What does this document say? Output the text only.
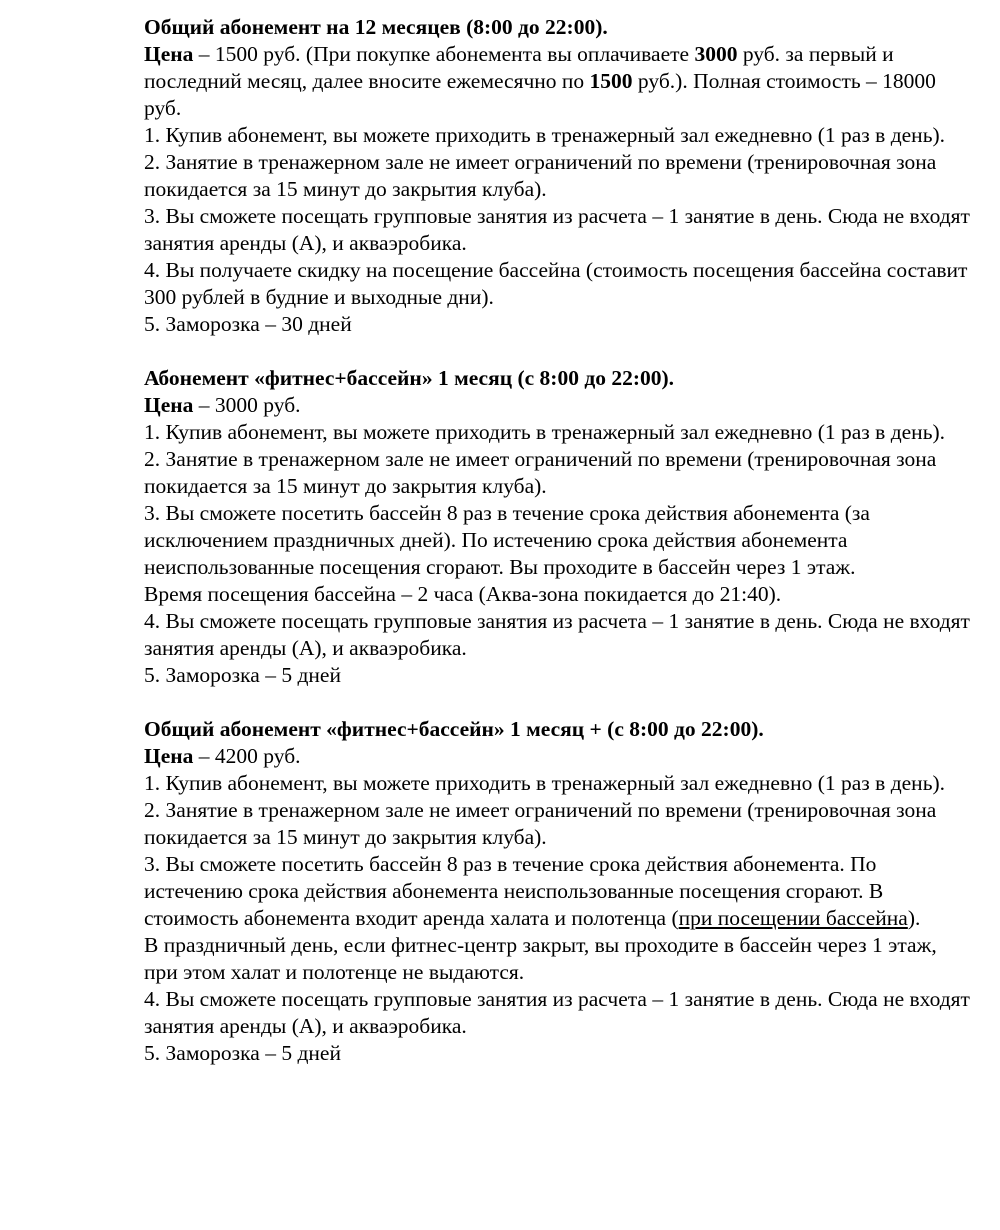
Общий абонемент на 12 месяцев (8:00 до 22:00).

Цена – 1500 руб. (При покупке абонемента вы оплачиваете 3000 руб. за первый и последний месяц, далее вносите ежемесячно по 1500 руб.). Полная стоимость – 18000 руб.

1. Купив абонемент, вы можете приходить в тренажерный зал ежедневно (1 раз в день).

2. Занятие в тренажерном зале не имеет ограничений по времени (тренировочная зона покидается за 15 минут до закрытия клуба).

3. Вы сможете посещать групповые занятия из расчета – 1 занятие в день. Сюда не входят занятия аренды (А), и акваэробика.

4. Вы получаете скидку на посещение бассейна (стоимость посещения бассейна составит 300 рублей в будние и выходные дни).

5. Заморозка – 30 дней

Абонемент «фитнес+бассейн» 1 месяц (с 8:00 до 22:00).

Цена – 3000 руб.

1. Купив абонемент, вы можете приходить в тренажерный зал ежедневно (1 раз в день).

2. Занятие в тренажерном зале не имеет ограничений по времени (тренировочная зона покидается за 15 минут до закрытия клуба).

3. Вы сможете посетить бассейн 8 раз в течение срока действия абонемента (за исключением праздничных дней). По истечению срока действия абонемента неиспользованные посещения сгорают. Вы проходите в бассейн через 1 этаж.

Время посещения бассейна – 2 часа (Аква-зона покидается до 21:40).

4. Вы сможете посещать групповые занятия из расчета – 1 занятие в день. Сюда не входят занятия аренды (А), и акваэробика.

5. Заморозка – 5 дней

Общий абонемент «фитнес+бассейн» 1 месяц + (с 8:00 до 22:00).

Цена – 4200 руб.

1. Купив абонемент, вы можете приходить в тренажерный зал ежедневно (1 раз в день).

2. Занятие в тренажерном зале не имеет ограничений по времени (тренировочная зона покидается за 15 минут до закрытия клуба).

3. Вы сможете посетить бассейн 8 раз в течение срока действия абонемента. По истечению срока действия абонемента неиспользованные посещения сгорают. В стоимость абонемента входит аренда халата и полотенца (при посещении бассейна).

В праздничный день, если фитнес-центр закрыт, вы проходите в бассейн через 1 этаж, при этом халат и полотенце не выдаются.

4. Вы сможете посещать групповые занятия из расчета – 1 занятие в день. Сюда не входят занятия аренды (А), и акваэробика.

5. Заморозка – 5 дней
